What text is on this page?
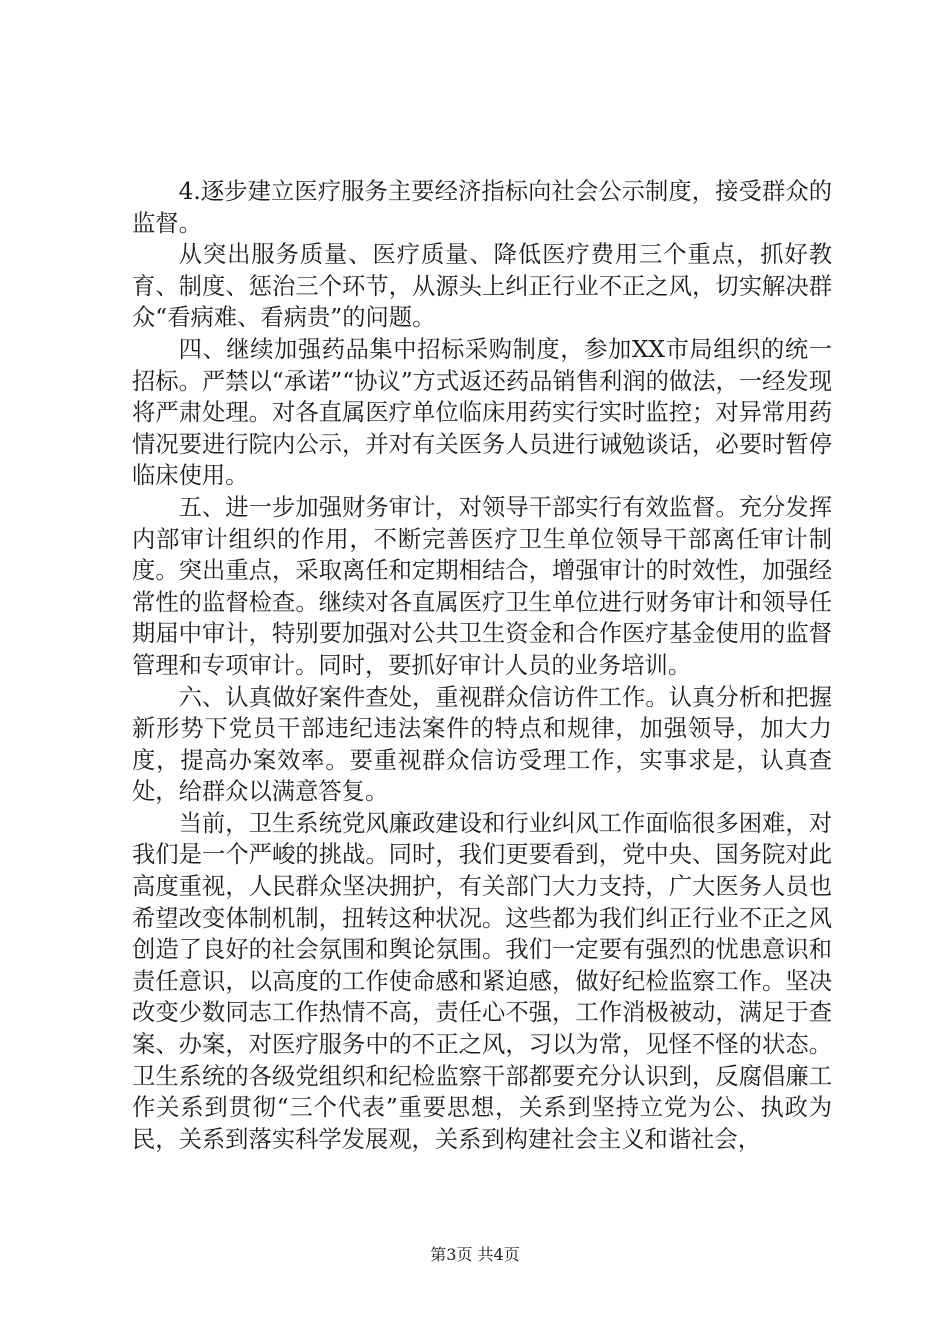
4.逐步建立医疗服务主要经济指标向社会公示制度，接受群众的监督。

从突出服务质量、医疗质量、降低医疗费用三个重点，抓好教育、制度、惩治三个环节，从源头上纠正行业不正之风，切实解决群众“看病难、看病贵”的问题。

四、继续加强药品集中招标采购制度，参加XX市局组织的统一招标。严禁以“承诺”“协议”方式返还药品销售利润的做法，一经发现将严肃处理。对各直属医疗单位临床用药实行实时监控；对异常用药情况要进行院内公示，并对有关医务人员进行诫勉谈话，必要时暂停临床使用。

五、进一步加强财务审计，对领导干部实行有效监督。充分发挥内部审计组织的作用，不断完善医疗卫生单位领导干部离任审计制度。突出重点，采取离任和定期相结合，增强审计的时效性，加强经常性的监督检查。继续对各直属医疗卫生单位进行财务审计和领导任期届中审计，特别要加强对公共卫生资金和合作医疗基金使用的监督管理和专项审计。同时，要抓好审计人员的业务培训。

六、认真做好案件查处，重视群众信访件工作。认真分析和把握新形势下党员干部违纪违法案件的特点和规律，加强领导，加大力度，提高办案效率。要重视群众信访受理工作，实事求是，认真查处，给群众以满意答复。

当前，卫生系统党风廉政建设和行业纠风工作面临很多困难，对我们是一个严峻的挑战。同时，我们更要看到，党中央、国务院对此高度重视，人民群众坚决拥护，有关部门大力支持，广大医务人员也希望改变体制机制，扭转这种状况。这些都为我们纠正行业不正之风创造了良好的社会氛围和舆论氛围。我们一定要有强烈的忧患意识和责任意识，以高度的工作使命感和紧迫感，做好纪检监察工作。坚决改变少数同志工作热情不高，责任心不强，工作消极被动，满足于查案、办案，对医疗服务中的不正之风，习以为常，见怪不怪的状态。卫生系统的各级党组织和纪检监察干部都要充分认识到，反腐倡廉工作关系到贯彻“三个代表”重要思想，关系到坚持立党为公、执政为民，关系到落实科学发展观，关系到构建社会主义和谐社会，

第3页 共4页
